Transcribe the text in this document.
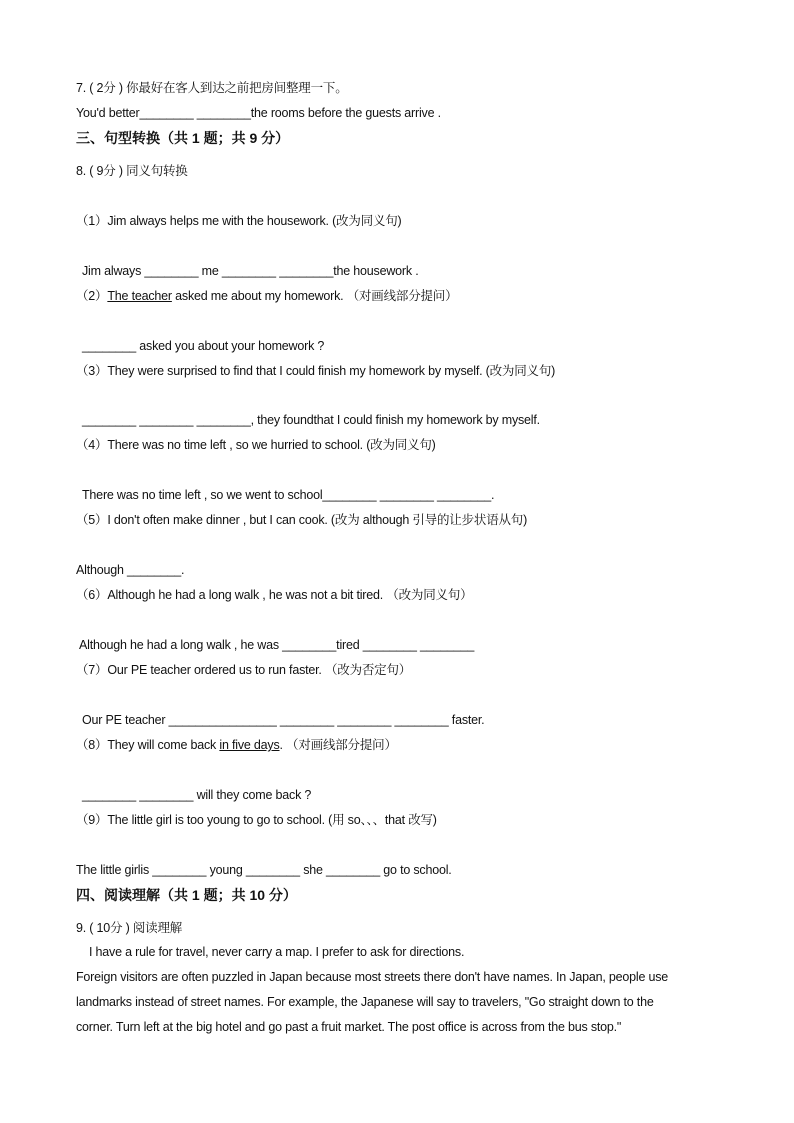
7. ( 2分 ) 你最好在客人到达之前把房间整理一下。
You'd better________ ________the rooms before the guests arrive .
三、句型转换（共 1 题；共 9 分）
8. ( 9分 ) 同义句转换
（1）Jim always helps me with the housework. (改为同义句)
Jim always ________ me ________ ________the housework .
（2）The teacher asked me about my homework. （对画线部分提问）
________ asked you about your homework ?
（3）They were surprised to find that I could finish my homework by myself. (改为同义句)
________ ________ ________, they foundthat I could finish my homework by myself.
（4）There was no time left , so we hurried to school. (改为同义句)
There was no time left , so we went to school________ ________ ________.
（5）I don't often make dinner , but I can cook. (改为 although 引导的让步状语从句)
Although ________.
（6）Although he had a long walk , he was not a bit tired. （改为同义句）
Although he had a long walk , he was ________tired ________ ________
（7）Our PE teacher ordered us to run faster. （改为否定句）
Our PE teacher ________________ ________ ________ ________ faster.
（8）They will come back in five days. （对画线部分提问）
________ ________ will they come back ?
（9）The little girl is too young to go to school. (用 so、、、that 改写)
The little girlis ________ young ________ she ________ go to school.
四、阅读理解（共 1 题；共 10 分）
9. ( 10分 ) 阅读理解
I have a rule for travel, never carry a map. I prefer to ask for directions.
Foreign visitors are often puzzled in Japan because most streets there don't have names. In Japan, people use
landmarks instead of street names. For example, the Japanese will say to travelers, "Go straight down to the
corner. Turn left at the big hotel and go past a fruit market. The post office is across from the bus stop."
